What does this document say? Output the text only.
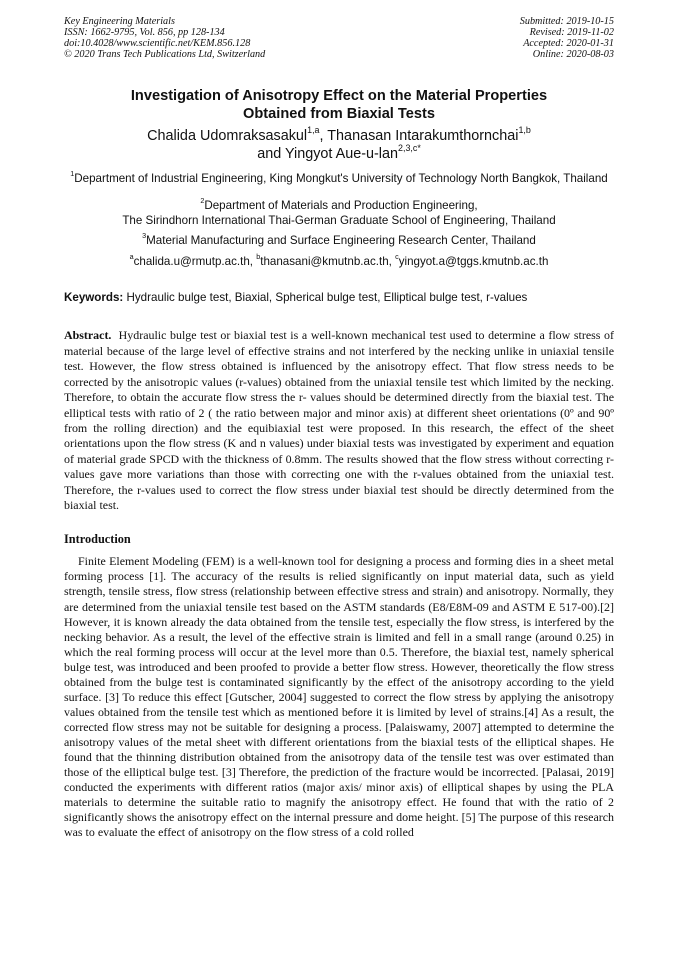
Key Engineering Materials
ISSN: 1662-9795, Vol. 856, pp 128-134
doi:10.4028/www.scientific.net/KEM.856.128
© 2020 Trans Tech Publications Ltd, Switzerland
Submitted: 2019-10-15
Revised: 2019-11-02
Accepted: 2020-01-31
Online: 2020-08-03
Investigation of Anisotropy Effect on the Material Properties
Obtained from Biaxial Tests
Chalida Udomraksasakul$^{1,a}$, Thanasan Intarakumthornchai$^{1,b}$
and Yingyot Aue-u-lan$^{2,3,c*}$
$^1$Department of Industrial Engineering, King Mongkut's University of Technology North Bangkok, Thailand
$^2$Department of Materials and Production Engineering,
The Sirindhorn International Thai-German Graduate School of Engineering, Thailand
$^3$Material Manufacturing and Surface Engineering Research Center, Thailand
$^a$chalida.u@rmutp.ac.th, $^b$thanasani@kmutnb.ac.th, $^c$yingyot.a@tggs.kmutnb.ac.th
Keywords: Hydraulic bulge test, Biaxial, Spherical bulge test, Elliptical bulge test, r-values
Abstract. Hydraulic bulge test or biaxial test is a well-known mechanical test used to determine a flow stress of material because of the large level of effective strains and not interfered by the necking unlike in uniaxial tensile test. However, the flow stress obtained is influenced by the anisotropy effect. That flow stress needs to be corrected by the anisotropic values (r-values) obtained from the uniaxial tensile test which limited by the necking. Therefore, to obtain the accurate flow stress the r- values should be determined directly from the biaxial test. The elliptical tests with ratio of 2 ( the ratio between major and minor axis) at different sheet orientations (0º and 90º from the rolling direction) and the equibiaxial test were proposed. In this research, the effect of the sheet orientations upon the flow stress (K and n values) under biaxial tests was investigated by experiment and equation of material grade SPCD with the thickness of 0.8mm. The results showed that the flow stress without correcting r-values gave more variations than those with correcting one with the r-values obtained from the uniaxial test. Therefore, the r-values used to correct the flow stress under biaxial test should be directly determined from the biaxial test.
Introduction
Finite Element Modeling (FEM) is a well-known tool for designing a process and forming dies in a sheet metal forming process [1]. The accuracy of the results is relied significantly on input material data, such as yield strength, tensile stress, flow stress (relationship between effective stress and strain) and anisotropy. Normally, they are determined from the uniaxial tensile test based on the ASTM standards (E8/E8M-09 and ASTM E 517-00).[2] However, it is known already the data obtained from the tensile test, especially the flow stress, is interfered by the necking behavior. As a result, the level of the effective strain is limited and fell in a small range (around 0.25) in which the real forming process will occur at the level more than 0.5. Therefore, the biaxial test, namely spherical bulge test, was introduced and been proofed to provide a better flow stress. However, theoretically the flow stress obtained from the bulge test is contaminated significantly by the effect of the anisotropy according to the yield surface. [3] To reduce this effect [Gutscher, 2004] suggested to correct the flow stress by applying the anisotropy values obtained from the tensile test which as mentioned before it is limited by level of strains.[4] As a result, the corrected flow stress may not be suitable for designing a process. [Palaiswamy, 2007] attempted to determine the anisotropy values of the metal sheet with different orientations from the biaxial tests of the elliptical shapes. He found that the thinning distribution obtained from the anisotropy data of the tensile test was over estimated than those of the elliptical bulge test. [3] Therefore, the prediction of the fracture would be incorrected. [Palasai, 2019] conducted the experiments with different ratios (major axis/ minor axis) of elliptical shapes by using the PLA materials to determine the suitable ratio to magnify the anisotropy effect. He found that with the ratio of 2 significantly shows the anisotropy effect on the internal pressure and dome height. [5] The purpose of this research was to evaluate the effect of anisotropy on the flow stress of a cold rolled
